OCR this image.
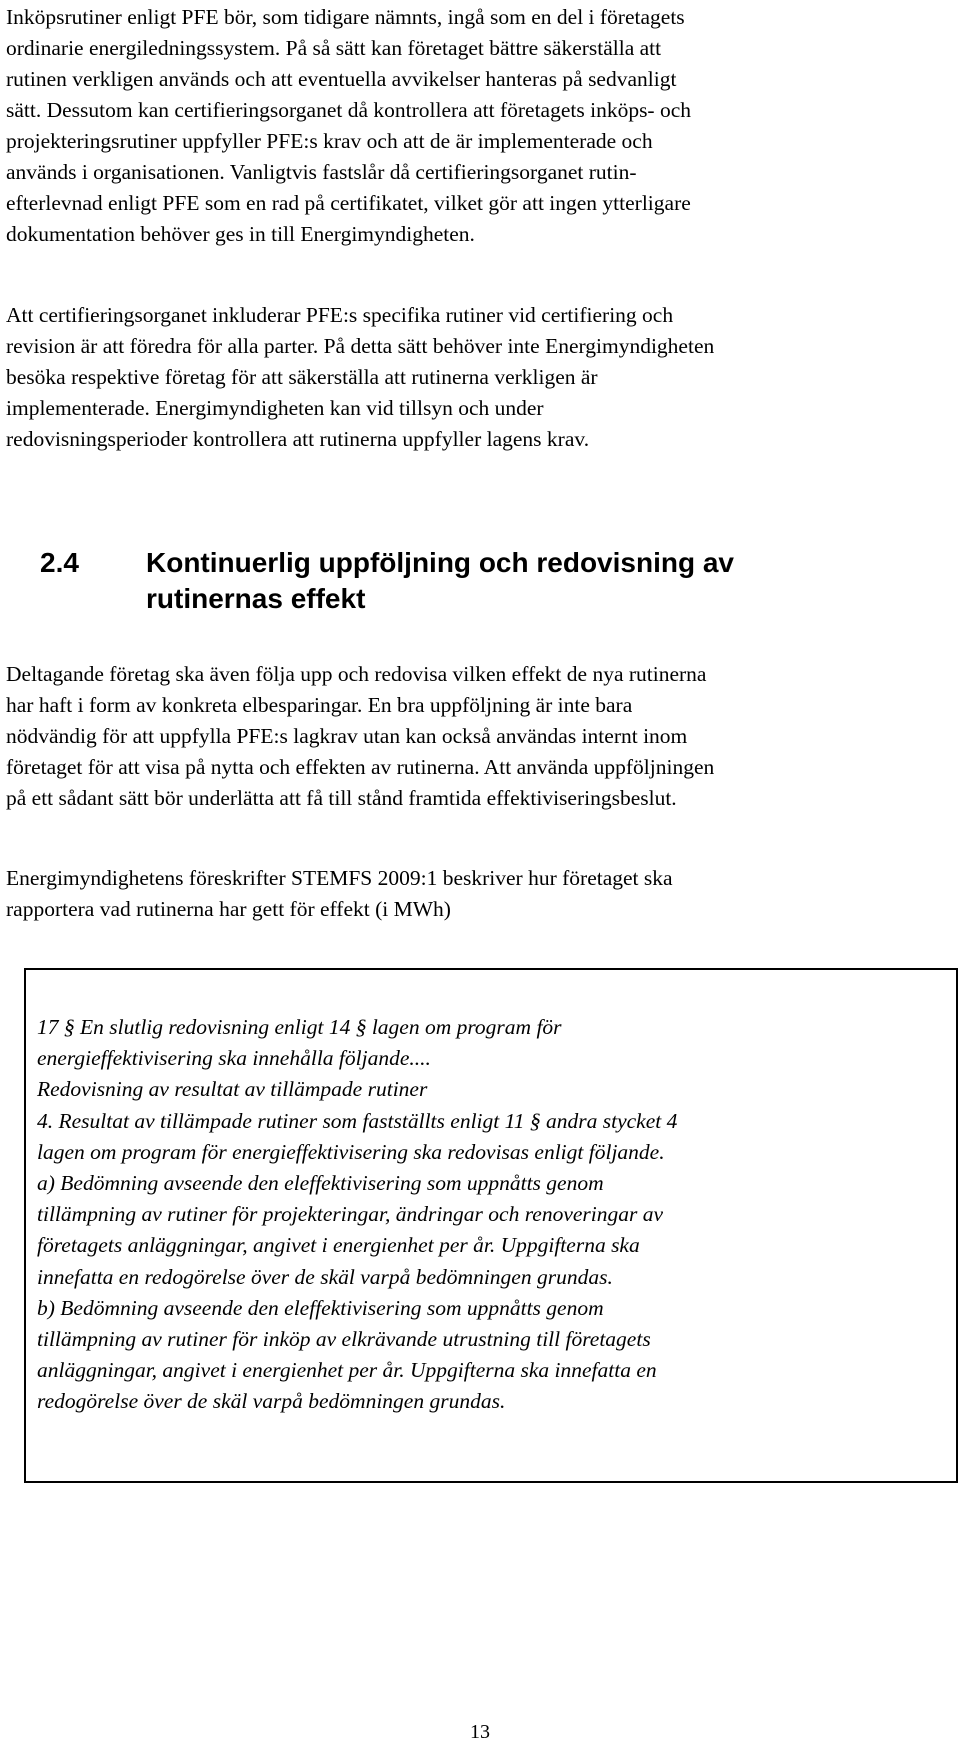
Inköpsrutiner enligt PFE bör, som tidigare nämnts, ingå som en del i företagets
ordinarie energiledningssystem. På så sätt kan företaget bättre säkerställa att
rutinen verkligen används och att eventuella avvikelser hanteras på sedvanligt
sätt. Dessutom kan certifieringsorganet då kontrollera att företagets inköps- och
projekteringsrutiner uppfyller PFE:s krav och att de är implementerade och
används i organisationen. Vanligtvis fastslår då certifieringsorganet rutin-
efterlevnad enligt PFE som en rad på certifikatet, vilket gör att ingen ytterligare
dokumentation behöver ges in till Energimyndigheten.
Att certifieringsorganet inkluderar PFE:s specifika rutiner vid certifiering och
revision är att föredra för alla parter. På detta sätt behöver inte Energimyndigheten
besöka respektive företag för att säkerställa att rutinerna verkligen är
implementerade. Energimyndigheten kan vid tillsyn och under
redovisningsperioder kontrollera att rutinerna uppfyller lagens krav.
2.4 Kontinuerlig uppföljning och redovisning av
rutinernas effekt
Deltagande företag ska även följa upp och redovisa vilken effekt de nya rutinerna
har haft i form av konkreta elbesparingar. En bra uppföljning är inte bara
nödvändig för att uppfylla PFE:s lagkrav utan kan också användas internt inom
företaget för att visa på nytta och effekten av rutinerna. Att använda uppföljningen
på ett sådant sätt bör underlätta att få till stånd framtida effektiviseringsbeslut.
Energimyndighetens föreskrifter STEMFS 2009:1 beskriver hur företaget ska
rapportera vad rutinerna har gett för effekt (i MWh)
17 § En slutlig redovisning enligt 14 § lagen om program för
energieffektivisering ska innehålla följande....
Redovisning av resultat av tillämpade rutiner
4. Resultat av tillämpade rutiner som fastställts enligt 11 § andra stycket 4
lagen om program för energieffektivisering ska redovisas enligt följande.
a) Bedömning avseende den eleffektivisering som uppnåtts genom
tillämpning av rutiner för projekteringar, ändringar och renoveringar av
företagets anläggningar, angivet i energienhet per år. Uppgifterna ska
innefatta en redogörelse över de skäl varpå bedömningen grundas.
b) Bedömning avseende den eleffektivisering som uppnåtts genom
tillämpning av rutiner för inköp av elkrävande utrustning till företagets
anläggningar, angivet i energienhet per år. Uppgifterna ska innefatta en
redogörelse över de skäl varpå bedömningen grundas.
13
